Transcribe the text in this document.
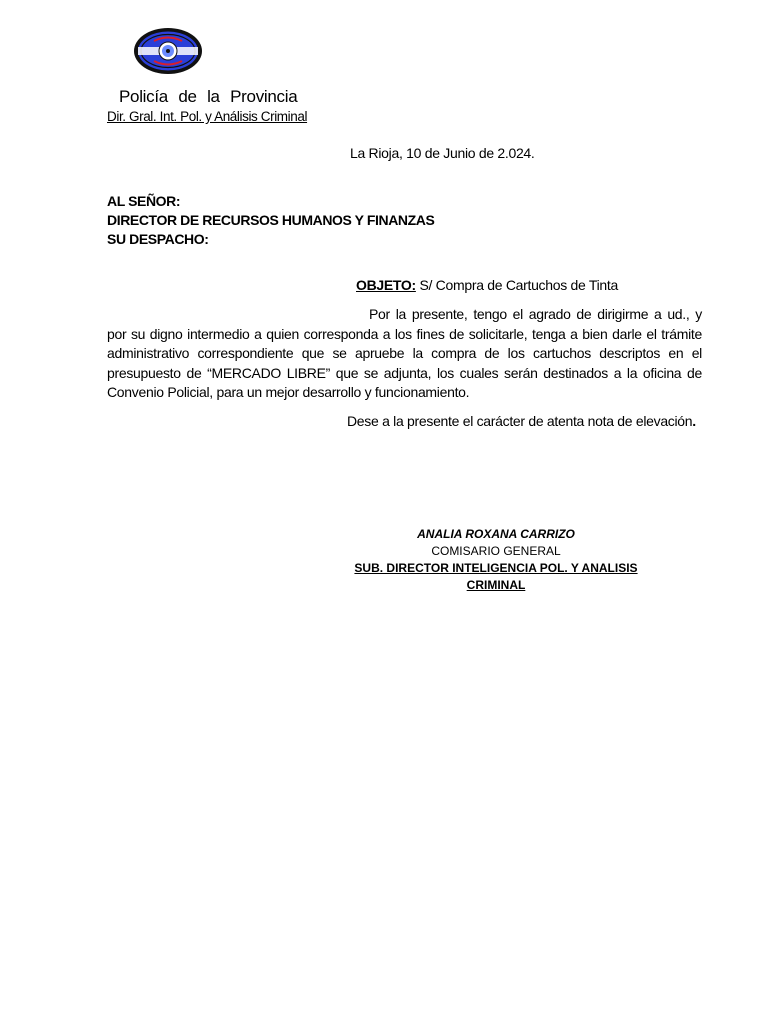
Policía de la Provincia
Dir. Gral. Int. Pol. y Análisis Criminal
La Rioja, 10 de Junio de 2.024.
AL SEÑOR:
DIRECTOR DE RECURSOS HUMANOS Y FINANZAS
SU DESPACHO:
OBJETO: S/ Compra de Cartuchos de Tinta
Por la presente, tengo el agrado de dirigirme a ud., y por su digno intermedio a quien corresponda a los fines de solicitarle, tenga a bien darle el trámite administrativo correspondiente que se apruebe la compra de los cartuchos descriptos en el presupuesto de “MERCADO LIBRE” que se adjunta, los cuales serán destinados a la oficina de Convenio Policial, para un mejor desarrollo y funcionamiento.
Dese a la presente el carácter de atenta nota de elevación.
ANALIA ROXANA CARRIZO
COMISARIO GENERAL
SUB. DIRECTOR INTELIGENCIA POL. Y ANALISIS CRIMINAL
